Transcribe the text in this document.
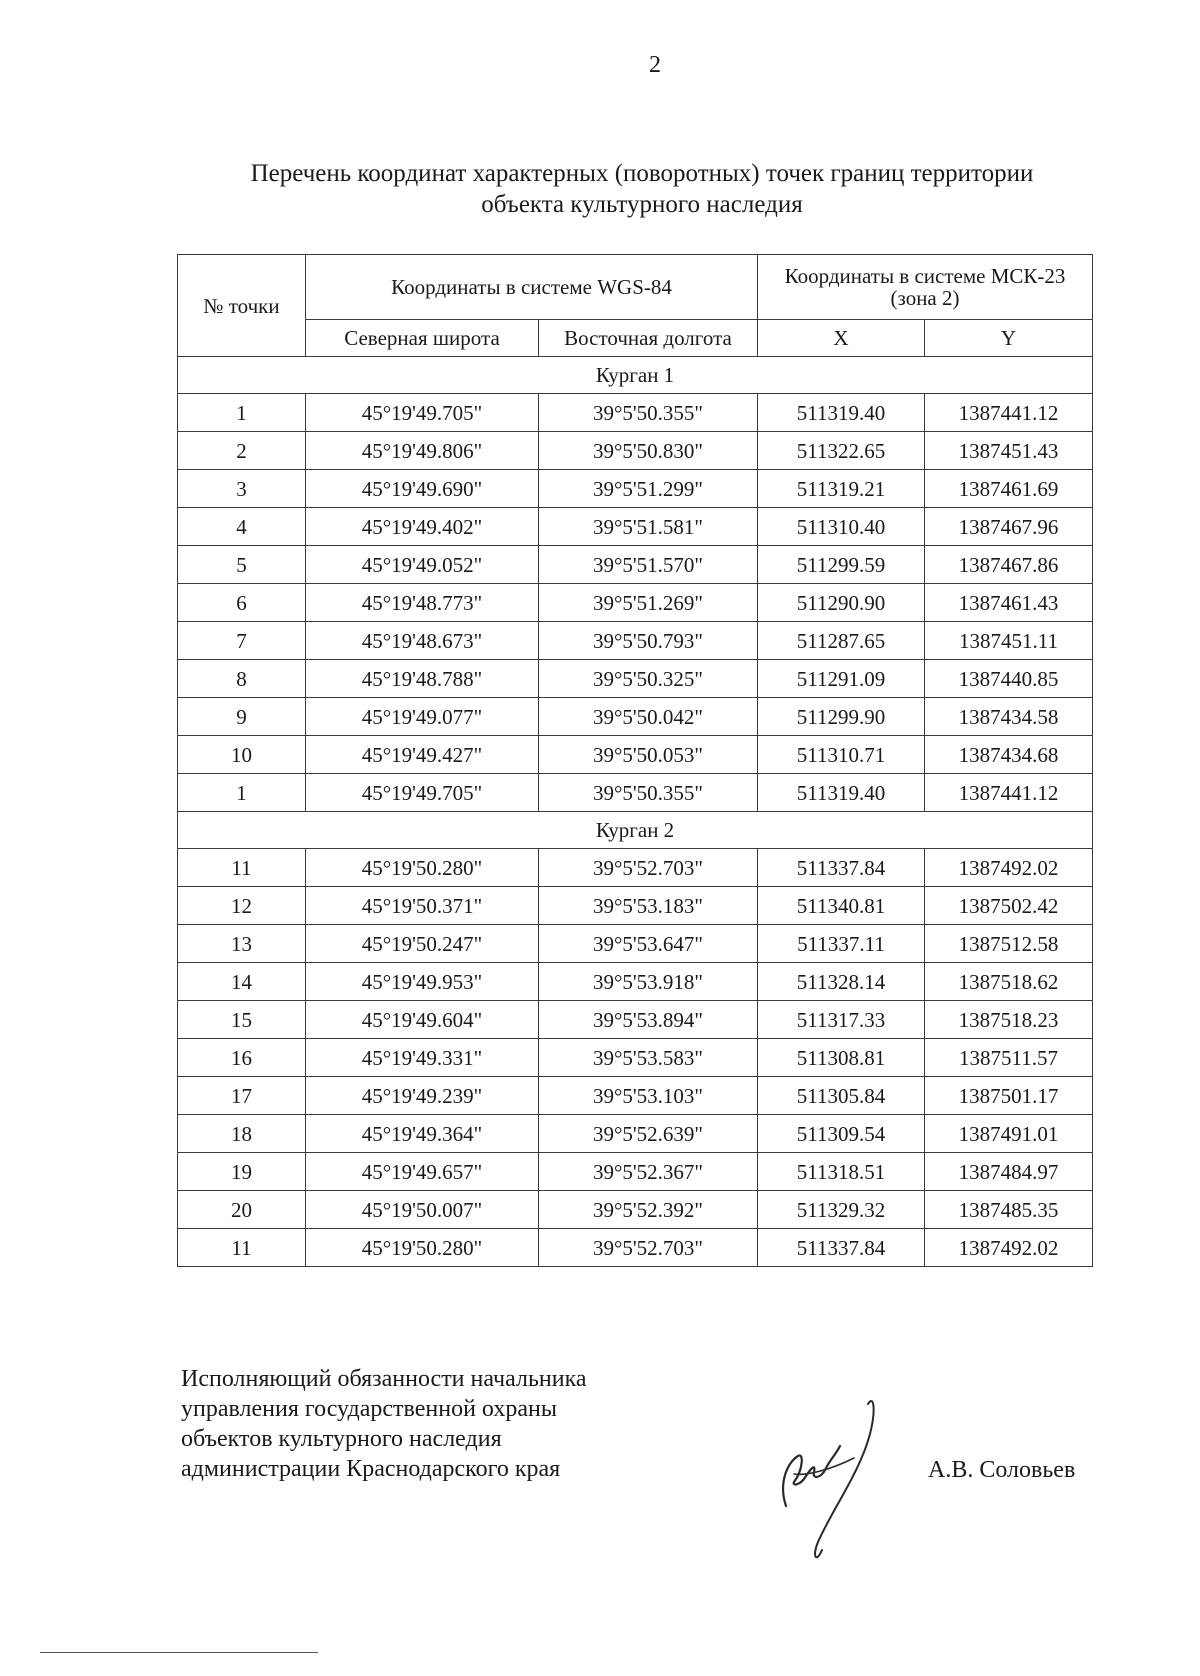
2
Перечень координат характерных (поворотных) точек границ территории
объекта культурного наследия
№ точки	Координаты в системе WGS-84		Координаты в системе МСК-23
(зона 2)	
	Северная широта	Восточная долгота	X	Y
Курган 1				
1	45°19'49.705"	39°5'50.355"	511319.40	1387441.12
2	45°19'49.806"	39°5'50.830"	511322.65	1387451.43
3	45°19'49.690"	39°5'51.299"	511319.21	1387461.69
4	45°19'49.402"	39°5'51.581"	511310.40	1387467.96
5	45°19'49.052"	39°5'51.570"	511299.59	1387467.86
6	45°19'48.773"	39°5'51.269"	511290.90	1387461.43
7	45°19'48.673"	39°5'50.793"	511287.65	1387451.11
8	45°19'48.788"	39°5'50.325"	511291.09	1387440.85
9	45°19'49.077"	39°5'50.042"	511299.90	1387434.58
10	45°19'49.427"	39°5'50.053"	511310.71	1387434.68
1	45°19'49.705"	39°5'50.355"	511319.40	1387441.12
Курган 2				
11	45°19'50.280"	39°5'52.703"	511337.84	1387492.02
12	45°19'50.371"	39°5'53.183"	511340.81	1387502.42
13	45°19'50.247"	39°5'53.647"	511337.11	1387512.58
14	45°19'49.953"	39°5'53.918"	511328.14	1387518.62
15	45°19'49.604"	39°5'53.894"	511317.33	1387518.23
16	45°19'49.331"	39°5'53.583"	511308.81	1387511.57
17	45°19'49.239"	39°5'53.103"	511305.84	1387501.17
18	45°19'49.364"	39°5'52.639"	511309.54	1387491.01
19	45°19'49.657"	39°5'52.367"	511318.51	1387484.97
20	45°19'50.007"	39°5'52.392"	511329.32	1387485.35
11	45°19'50.280"	39°5'52.703"	511337.84	1387492.02
Исполняющий обязанности начальника
управления государственной охраны
объектов культурного наследия
администрации Краснодарского края	А.В. Соловьев
